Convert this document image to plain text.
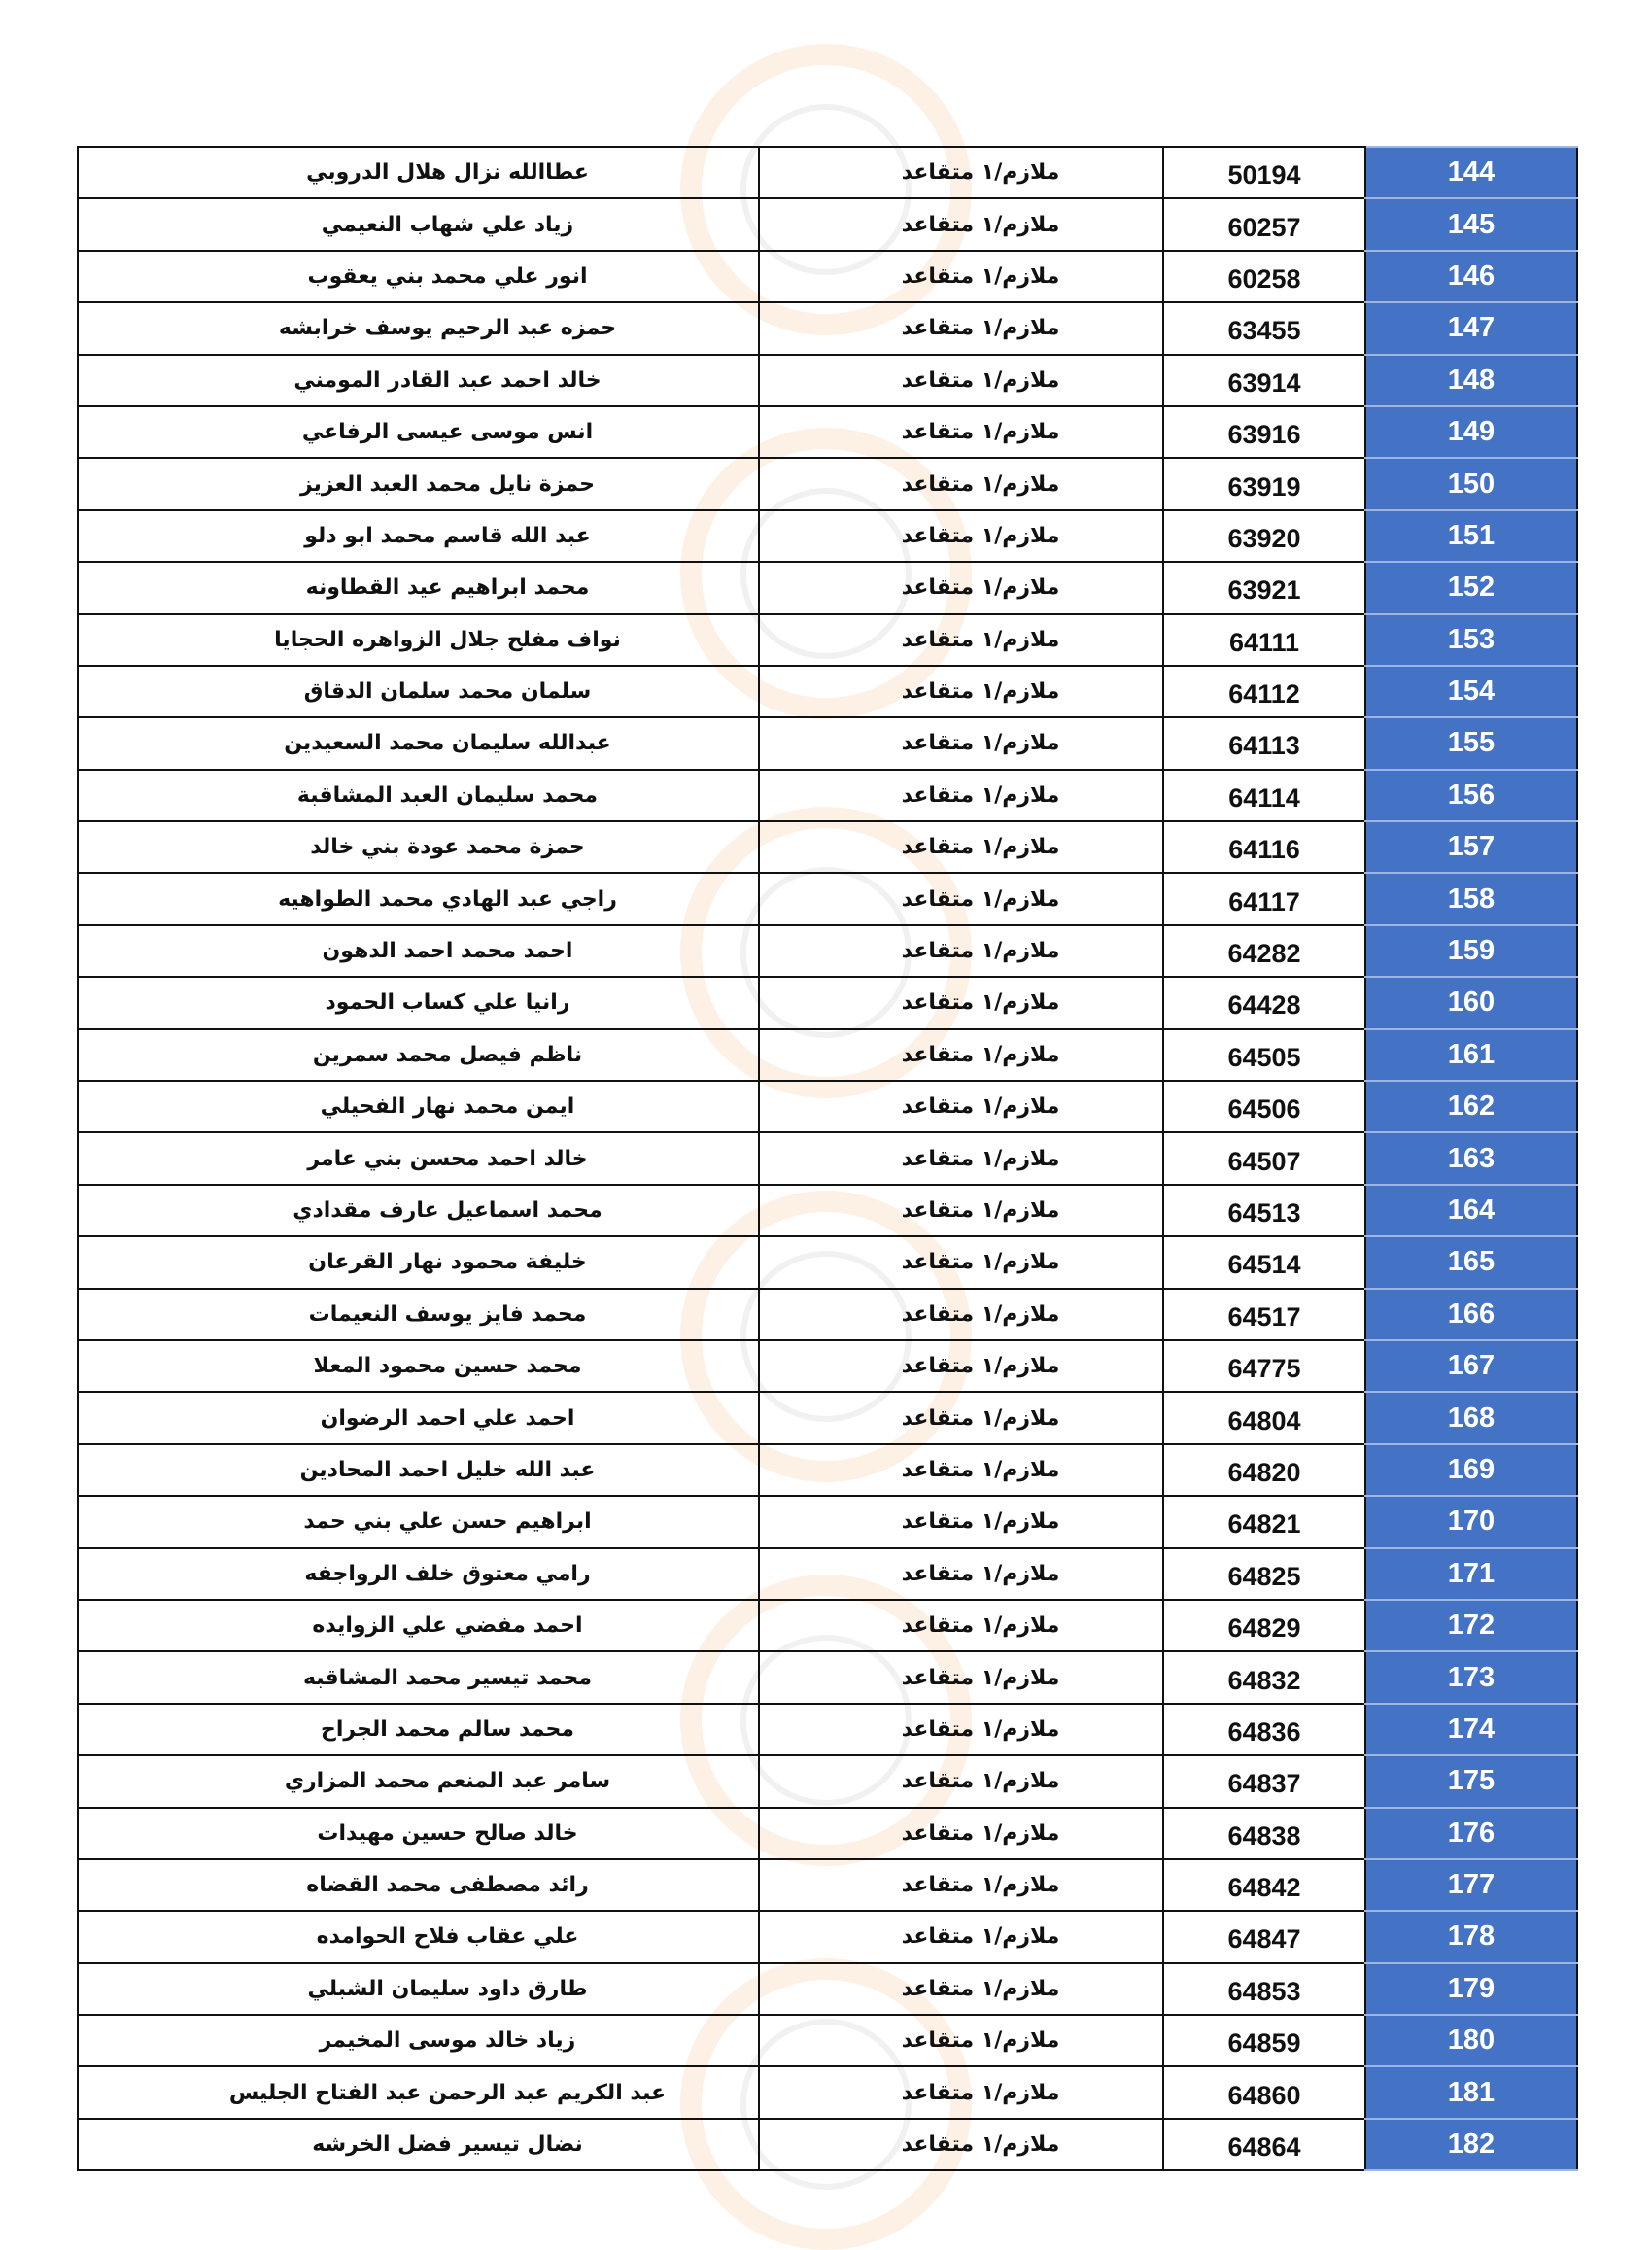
144	50194	ملازم/١ متقاعد	عطاالله نزال هلال الدروبي
145	60257	ملازم/١ متقاعد	زياد علي شهاب النعيمي
146	60258	ملازم/١ متقاعد	انور علي محمد بني يعقوب
147	63455	ملازم/١ متقاعد	حمزه عبد الرحيم يوسف خرابشه
148	63914	ملازم/١ متقاعد	خالد احمد عبد القادر المومني
149	63916	ملازم/١ متقاعد	انس موسى عيسى الرفاعي
150	63919	ملازم/١ متقاعد	حمزة نايل محمد العبد العزيز
151	63920	ملازم/١ متقاعد	عبد الله قاسم محمد ابو دلو
152	63921	ملازم/١ متقاعد	محمد ابراهيم عيد القطاونه
153	64111	ملازم/١ متقاعد	نواف مفلح جلال الزواهره الحجايا
154	64112	ملازم/١ متقاعد	سلمان محمد سلمان الدقاق
155	64113	ملازم/١ متقاعد	عبدالله سليمان محمد السعيدين
156	64114	ملازم/١ متقاعد	محمد سليمان العبد المشاقبة
157	64116	ملازم/١ متقاعد	حمزة محمد عودة بني خالد
158	64117	ملازم/١ متقاعد	راجي عبد الهادي محمد الطواهيه
159	64282	ملازم/١ متقاعد	احمد محمد احمد الدهون
160	64428	ملازم/١ متقاعد	رانيا علي كساب الحمود
161	64505	ملازم/١ متقاعد	ناظم فيصل محمد سمرين
162	64506	ملازم/١ متقاعد	ايمن محمد نهار الفحيلي
163	64507	ملازم/١ متقاعد	خالد احمد محسن بني عامر
164	64513	ملازم/١ متقاعد	محمد اسماعيل عارف مقدادي
165	64514	ملازم/١ متقاعد	خليفة محمود نهار القرعان
166	64517	ملازم/١ متقاعد	محمد فايز يوسف النعيمات
167	64775	ملازم/١ متقاعد	محمد حسين محمود المعلا
168	64804	ملازم/١ متقاعد	احمد علي احمد الرضوان
169	64820	ملازم/١ متقاعد	عبد الله خليل احمد المحادين
170	64821	ملازم/١ متقاعد	ابراهيم حسن علي بني حمد
171	64825	ملازم/١ متقاعد	رامي معتوق خلف الرواجفه
172	64829	ملازم/١ متقاعد	احمد مفضي علي الزوايده
173	64832	ملازم/١ متقاعد	محمد تيسير محمد المشاقبه
174	64836	ملازم/١ متقاعد	محمد سالم محمد الجراح
175	64837	ملازم/١ متقاعد	سامر عبد المنعم محمد المزاري
176	64838	ملازم/١ متقاعد	خالد صالح حسين مهيدات
177	64842	ملازم/١ متقاعد	رائد مصطفى محمد القضاه
178	64847	ملازم/١ متقاعد	علي عقاب فلاح الحوامده
179	64853	ملازم/١ متقاعد	طارق داود سليمان الشبلي
180	64859	ملازم/١ متقاعد	زياد خالد موسى المخيمر
181	64860	ملازم/١ متقاعد	عبد الكريم عبد الرحمن عبد الفتاح الجليس
182	64864	ملازم/١ متقاعد	نضال تيسير فضل الخرشه
